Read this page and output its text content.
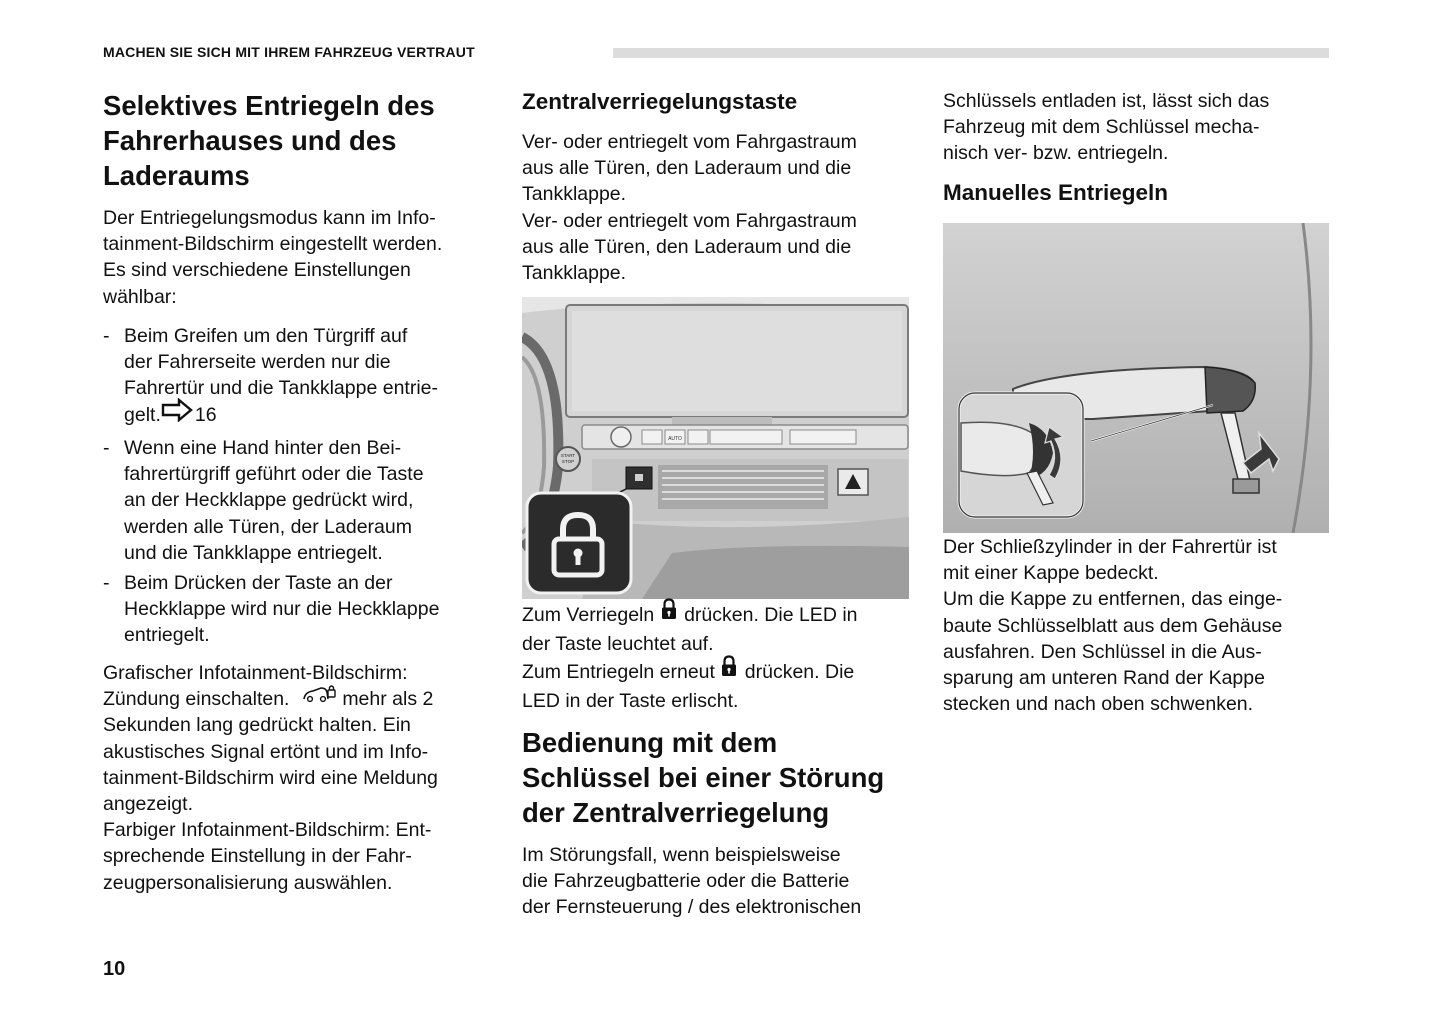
MACHEN SIE SICH MIT IHREM FAHRZEUG VERTRAUT
Selektives Entriegeln des
Fahrerhauses und des
Laderaums

Der Entriegelungsmodus kann im Info-
tainment-Bildschirm eingestellt werden.
Es sind verschiedene Einstellungen
wählbar:

- Beim Greifen um den Türgriff auf
der Fahrerseite werden nur die
Fahrertür und die Tankklappe entrie-
gelt. 16
- Wenn eine Hand hinter den Bei-
fahrertürgriff geführt oder die Taste
an der Heckklappe gedrückt wird,
werden alle Türen, der Laderaum
und die Tankklappe entriegelt.
- Beim Drücken der Taste an der
Heckklappe wird nur die Heckklappe
entriegelt.

Grafischer Infotainment-Bildschirm:
Zündung einschalten.	mehr als 2
Sekunden lang gedrückt halten. Ein
akustisches Signal ertönt und im Info-
tainment-Bildschirm wird eine Meldung
angezeigt.
Farbiger Infotainment-Bildschirm: Ent-
sprechende Einstellung in der Fahr-
zeugpersonalisierung auswählen.

Zentralverriegelungstaste

Ver- oder entriegelt vom Fahrgastraum
aus alle Türen, den Laderaum und die
Tankklappe.
Ver- oder entriegelt vom Fahrgastraum
aus alle Türen, den Laderaum und die
Tankklappe.

AUTO
START
STOP

Zum Verriegeln drücken. Die LED in
der Taste leuchtet auf.
Zum Entriegeln erneut drücken. Die
LED in der Taste erlischt.

Bedienung mit dem
Schlüssel bei einer Störung
der Zentralverriegelung

Im Störungsfall, wenn beispielsweise
die Fahrzeugbatterie oder die Batterie
der Fernsteuerung / des elektronischen

Schlüssels entladen ist, lässt sich das
Fahrzeug mit dem Schlüssel mecha-
nisch ver- bzw. entriegeln.

Manuelles Entriegeln

Der Schließzylinder in der Fahrertür ist
mit einer Kappe bedeckt.
Um die Kappe zu entfernen, das einge-
baute Schlüsselblatt aus dem Gehäuse
ausfahren. Den Schlüssel in die Aus-
sparung am unteren Rand der Kappe
stecken und nach oben schwenken.

10
